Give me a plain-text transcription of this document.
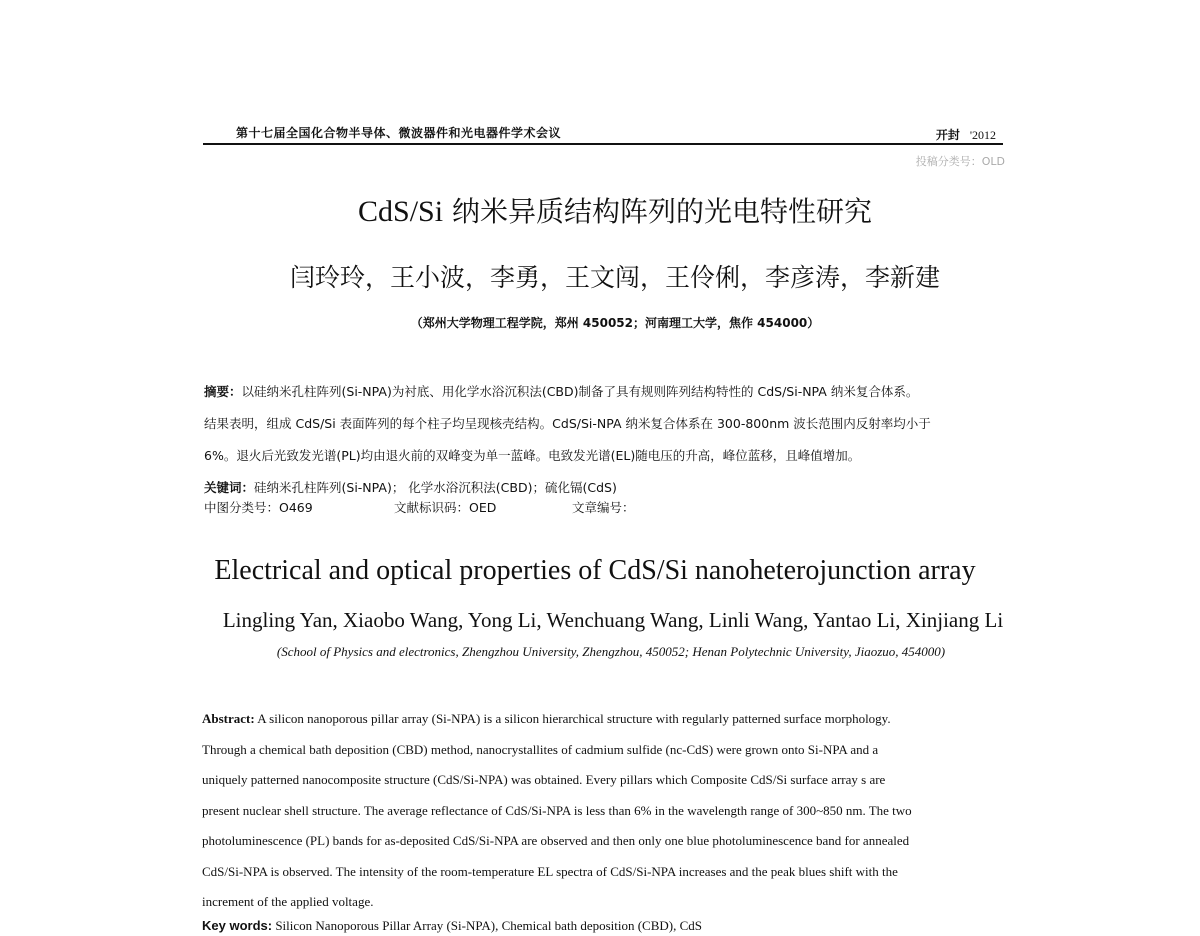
第十七届全国化合物半导体、微波器件和光电器件学术会议	开封 '2012
投稿分类号：OLD
CdS/Si 纳米异质结构阵列的光电特性研究
闫玲玲，王小波，李勇，王文闯，王伶俐，李彦涛，李新建
（郑州大学物理工程学院，郑州 450052；河南理工大学，焦作 454000）
摘要：以硅纳米孔柱阵列(Si-NPA)为衬底、用化学水浴沉积法(CBD)制备了具有规则阵列结构特性的 CdS/Si-NPA 纳米复合体系。
结果表明，组成 CdS/Si 表面阵列的每个柱子均呈现核壳结构。CdS/Si-NPA 纳米复合体系在 300-800nm 波长范围内反射率均小于
6%。退火后光致发光谱(PL)均由退火前的双峰变为单一蓝峰。电致发光谱(EL)随电压的升高，峰位蓝移，且峰值增加。
关键词：硅纳米孔柱阵列(Si-NPA)； 化学水浴沉积法(CBD)；硫化镉(CdS)
中图分类号：O469	文献标识码：OED	文章编号：
Electrical and optical properties of CdS/Si nanoheterojunction array
Lingling Yan, Xiaobo Wang, Yong Li, Wenchuang Wang, Linli Wang, Yantao Li, Xinjiang Li
(School of Physics and electronics, Zhengzhou University, Zhengzhou, 450052; Henan Polytechnic University, Jiaozuo, 454000)
Abstract: A silicon nanoporous pillar array (Si-NPA) is a silicon hierarchical structure with regularly patterned surface morphology.
Through a chemical bath deposition (CBD) method, nanocrystallites of cadmium sulfide (nc-CdS) were grown onto Si-NPA and a
uniquely patterned nanocomposite structure (CdS/Si-NPA) was obtained. Every pillars which Composite CdS/Si surface array s are
present nuclear shell structure. The average reflectance of CdS/Si-NPA is less than 6% in the wavelength range of 300~850 nm. The two
photoluminescence (PL) bands for as-deposited CdS/Si-NPA are observed and then only one blue photoluminescence band for annealed
CdS/Si-NPA is observed. The intensity of the room-temperature EL spectra of CdS/Si-NPA increases and the peak blues shift with the
increment of the applied voltage.
Key words: Silicon Nanoporous Pillar Array (Si-NPA), Chemical bath deposition (CBD), CdS
